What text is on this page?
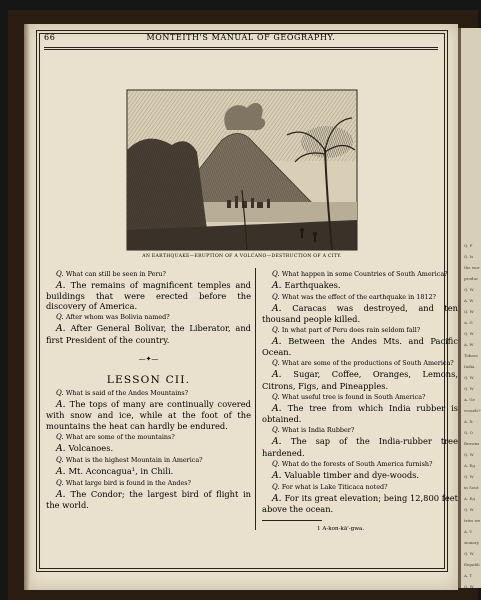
Q. F
Q. Is
the wor
produc
Q. W
A. W
Q. W
A. G
Q. W
A. W
Tobacc
India.
Q. W
Q. W
A. Ge
vessels?
A. It
Q. O
Browns
Q. W
A. Eg
Q. W
in Sout
A. Eg
Q. W
tries we
A. V
sionary
Q. W
Republi
A. T
Q. W
66	MONTEITH'S MANUAL OF GEOGRAPHY.
AN EARTHQUAKE—ERUPTION OF A VOLCANO—DESTRUCTION OF A CITY.
Q. What can still be seen in Peru?
A. The remains of magnificent temples and buildings that were erected before the discovery of America.
Q. After whom was Bolivia named?
A. After General Bolivar, the Liberator, and first President of the country.
—✦—
LESSON CII.
Q. What is said of the Andes Mountains?
A. The tops of many are continually covered with snow and ice, while at the foot of the mountains the heat can hardly be endured.
Q. What are some of the mountains?
A. Volcanoes.
Q. What is the highest Mountain in America?
A. Mt. Aconcagua¹, in Chili.
Q. What large bird is found in the Andes?
A. The Condor; the largest bird of flight in the world.
Q. What happen in some Countries of South America?
A. Earthquakes.
Q. What was the effect of the earthquake in 1812?
A. Caracas was destroyed, and ten thousand people killed.
Q. In what part of Peru does rain seldom fall?
A. Between the Andes Mts. and Pacific Ocean.
Q. What are some of the productions of South America?
A. Sugar, Coffee, Oranges, Lemons, Citrons, Figs, and Pineapples.
Q. What useful tree is found in South America?
A. The tree from which India rubber is obtained.
Q. What is India Rubber?
A. The sap of the India-rubber tree hardened.
Q. What do the forests of South America furnish?
A. Valuable timber and dye-woods.
Q. For what is Lake Titicaca noted?
A. For its great elevation; being 12,800 feet above the ocean.
1 A-kon-kā'-gwa.
